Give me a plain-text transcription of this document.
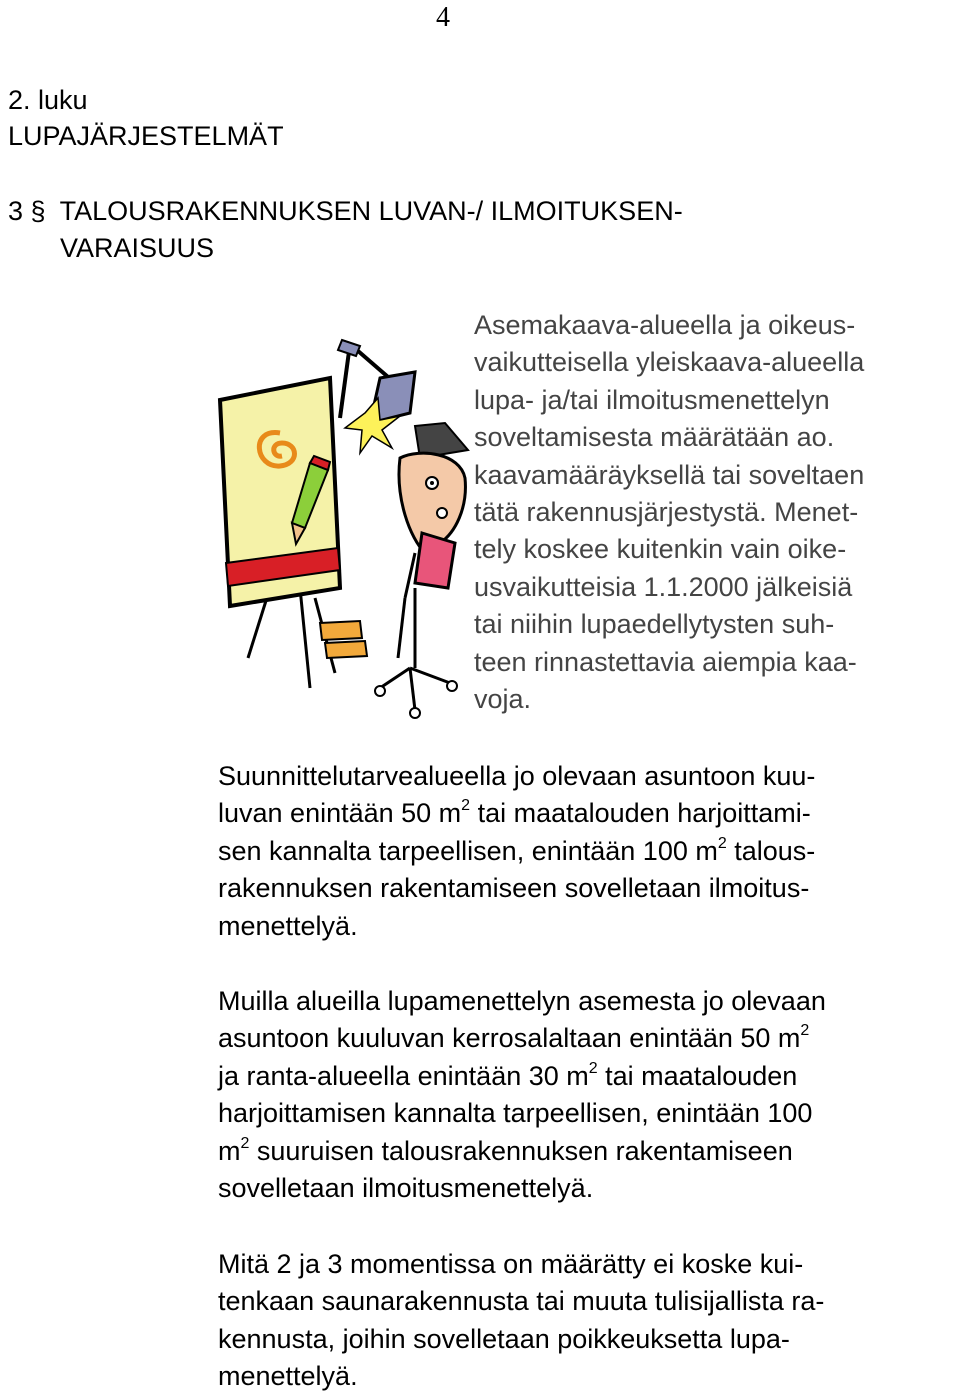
4
2. luku
LUPAJÄRJESTELMÄT
3 § TALOUSRAKENNUKSEN LUVAN-/ ILMOITUKSEN-
VARAISUUS

Asemakaava-alueella ja oikeus-
vaikutteisella yleiskaava-alueella
lupa- ja/tai ilmoitusmenettelyn
soveltamisesta määrätään ao.
kaavamääräyksellä tai soveltaen
tätä rakennusjärjestystä. Menet-
tely koskee kuitenkin vain oike-
usvaikutteisia 1.1.2000 jälkeisiä
tai niihin lupaedellytysten suh-
teen rinnastettavia aiempia kaa-
voja.

Suunnittelutarvealueella jo olevaan asuntoon kuu-
luvan enintään 50 $m^2$ tai maatalouden harjoittami-
sen kannalta tarpeellisen, enintään 100 $m^2$ talous-
rakennuksen rakentamiseen sovelletaan ilmoitus-
menettelyä.

Muilla alueilla lupamenettelyn asemesta jo olevaan
asuntoon kuuluvan kerrosalaltaan enintään 50 $m^2$
ja ranta-alueella enintään 30 $m^2$ tai maatalouden
harjoittamisen kannalta tarpeellisen, enintään 100
$m^2$ suuruisen talousrakennuksen rakentamiseen
sovelletaan ilmoitusmenettelyä.

Mitä 2 ja 3 momentissa on määrätty ei koske kui-
tenkaan saunarakennusta tai muuta tulisijallista ra-
kennusta, joihin sovelletaan poikkeuksetta lupa-
menettelyä.
